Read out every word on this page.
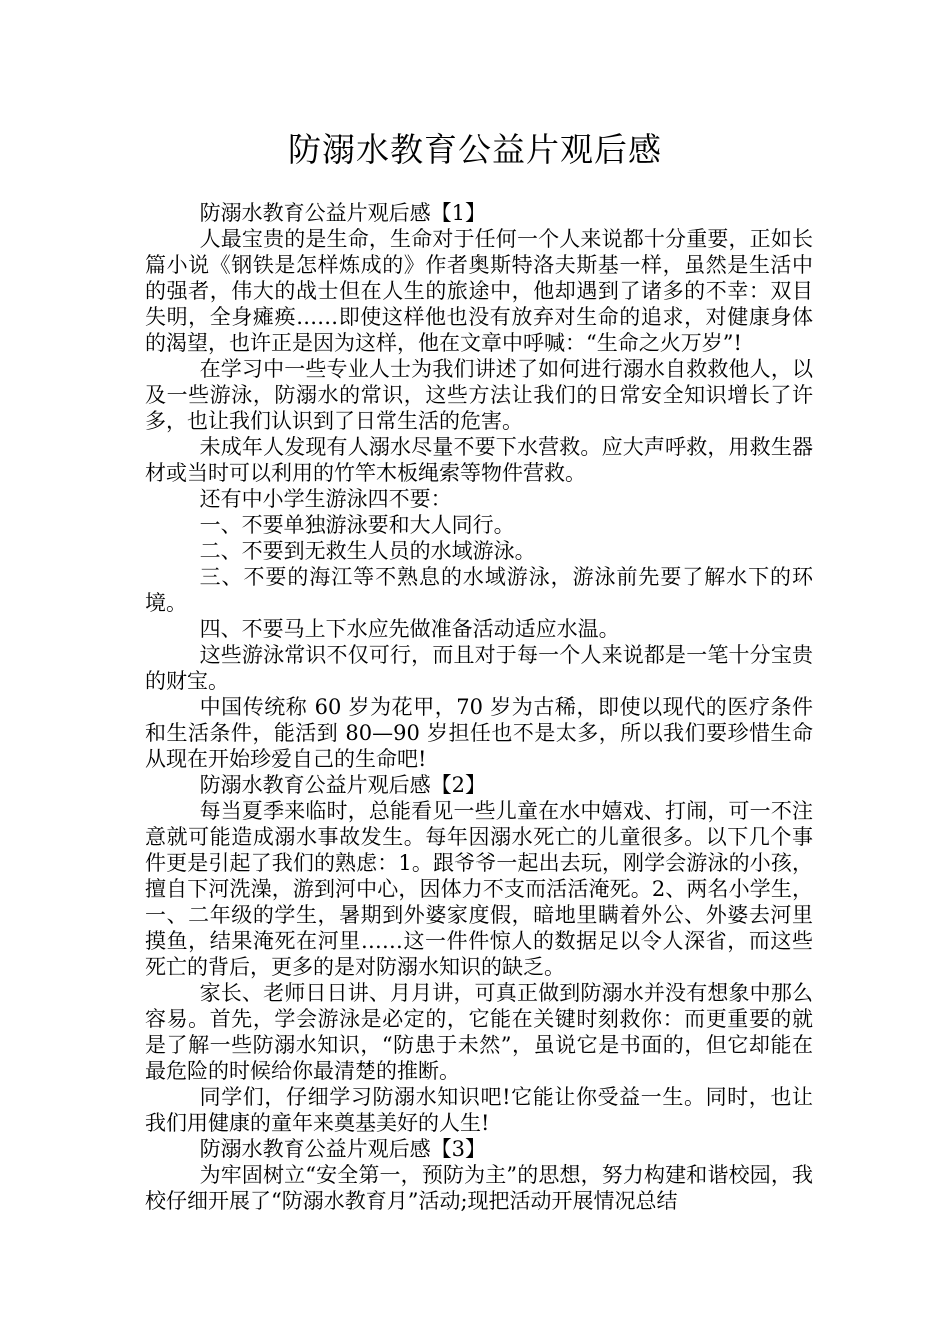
防溺水教育公益片观后感

防溺水教育公益片观后感【1】

人最宝贵的是生命，生命对于任何一个人来说都十分重要，正如长篇小说《钢铁是怎样炼成的》作者奥斯特洛夫斯基一样，虽然是生活中的强者，伟大的战士但在人生的旅途中，他却遇到了诸多的不幸：双目失明，全身瘫痪……即使这样他也没有放弃对生命的追求，对健康身体的渴望，也许正是因为这样，他在文章中呼喊：“生命之火万岁”!

在学习中一些专业人士为我们讲述了如何进行溺水自救救他人，以及一些游泳，防溺水的常识，这些方法让我们的日常安全知识增长了许多，也让我们认识到了日常生活的危害。

未成年人发现有人溺水尽量不要下水营救。应大声呼救，用救生器材或当时可以利用的竹竿木板绳索等物件营救。

还有中小学生游泳四不要：

一、不要单独游泳要和大人同行。

二、不要到无救生人员的水域游泳。

三、不要的海江等不熟息的水域游泳，游泳前先要了解水下的环境。

四、不要马上下水应先做准备活动适应水温。

这些游泳常识不仅可行，而且对于每一个人来说都是一笔十分宝贵的财宝。

中国传统称 60 岁为花甲，70 岁为古稀，即使以现代的医疗条件和生活条件，能活到 80—90 岁担任也不是太多，所以我们要珍惜生命从现在开始珍爱自己的生命吧!

防溺水教育公益片观后感【2】

每当夏季来临时，总能看见一些儿童在水中嬉戏、打闹，可一不注意就可能造成溺水事故发生。每年因溺水死亡的儿童很多。以下几个事件更是引起了我们的熟虑：1。跟爷爷一起出去玩，刚学会游泳的小孩，擅自下河洗澡，游到河中心，因体力不支而活活淹死。2、两名小学生，一、二年级的学生，暑期到外婆家度假，暗地里瞒着外公、外婆去河里摸鱼，结果淹死在河里……这一件件惊人的数据足以令人深省，而这些死亡的背后，更多的是对防溺水知识的缺乏。

家长、老师日日讲、月月讲，可真正做到防溺水并没有想象中那么容易。首先，学会游泳是必定的，它能在关键时刻救你：而更重要的就是了解一些防溺水知识，“防患于未然”，虽说它是书面的，但它却能在最危险的时候给你最清楚的推断。

同学们，仔细学习防溺水知识吧!它能让你受益一生。同时，也让我们用健康的童年来奠基美好的人生!

防溺水教育公益片观后感【3】

为牢固树立“安全第一，预防为主”的思想，努力构建和谐校园，我校仔细开展了“防溺水教育月”活动;现把活动开展情况总结
